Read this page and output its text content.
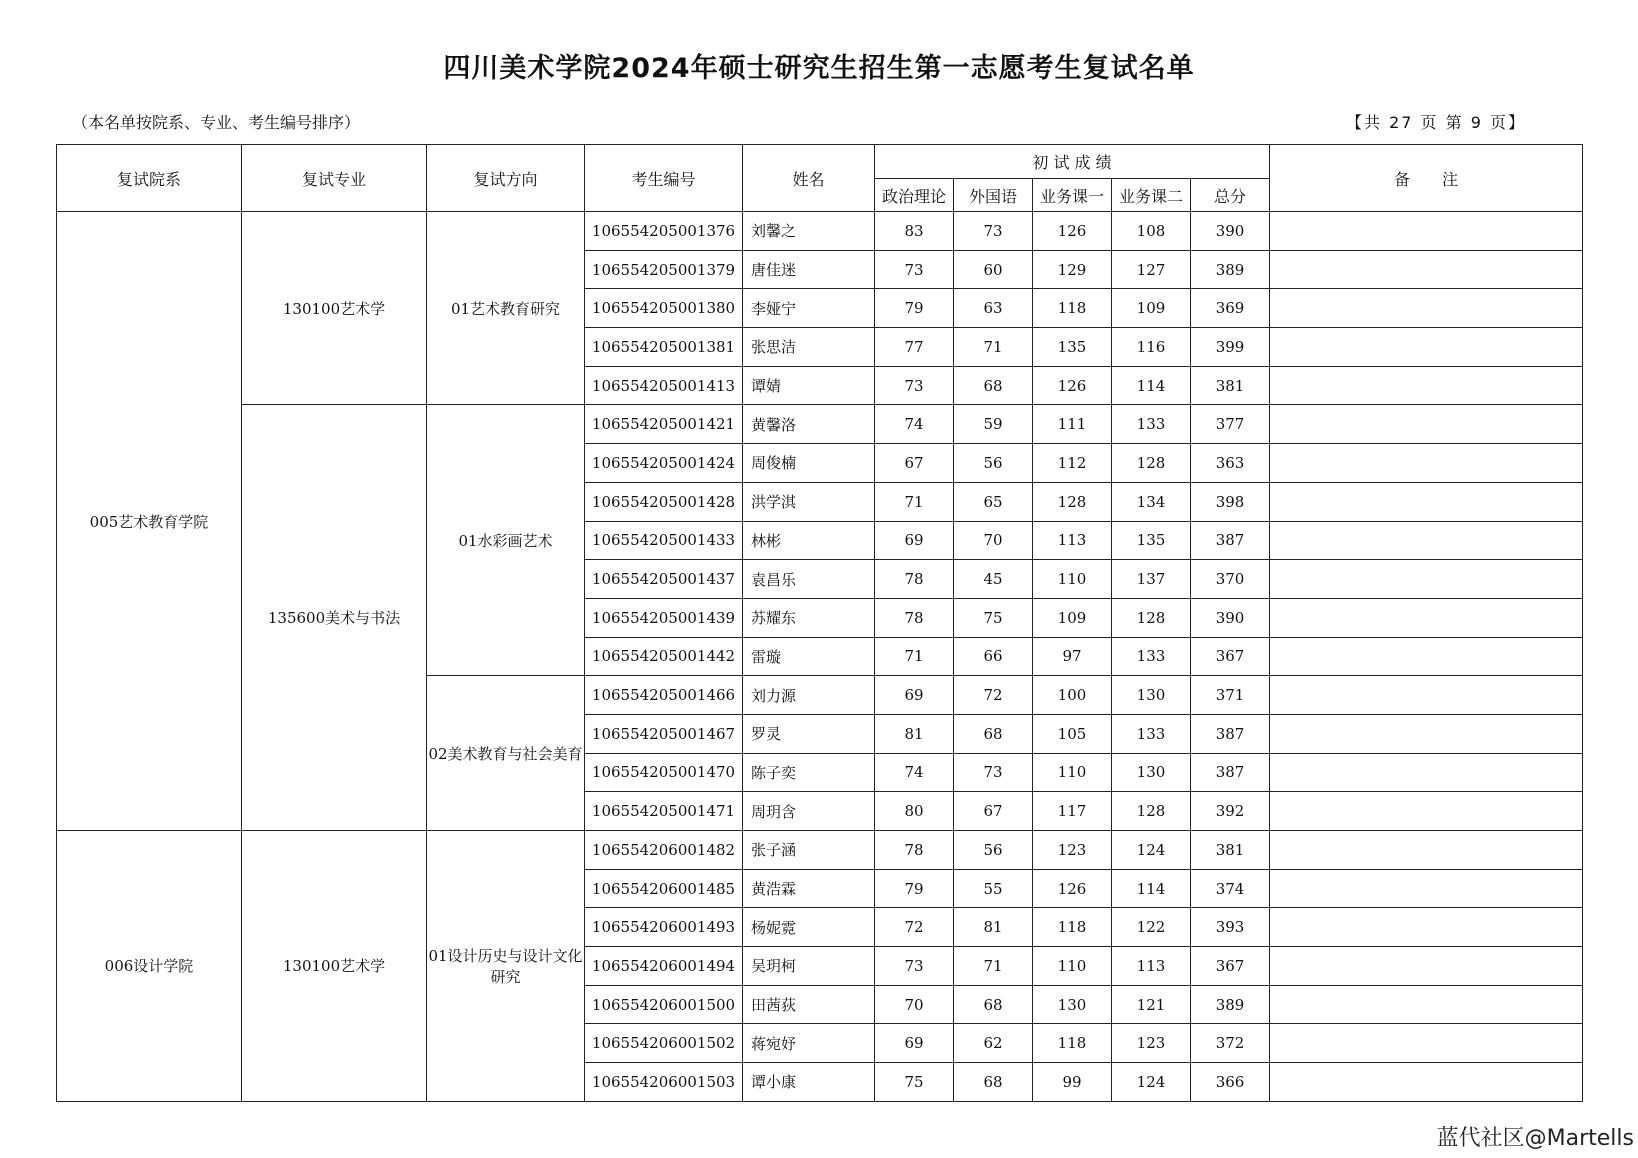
四川美术学院2024年硕士研究生招生第一志愿考生复试名单
（本名单按院系、专业、考生编号排序）	【共 27 页 第 9 页】
复试院系	复试专业	复试方向	考生编号	姓名	初 试 成 绩					备　　注
					政治理论	外国语	业务课一	业务课二	总分	
005艺术教育学院	130100艺术学	01艺术教育研究	106554205001376	刘馨之	83	73	126	108	390	
			106554205001379	唐佳迷	73	60	129	127	389	
			106554205001380	李娅宁	79	63	118	109	369	
			106554205001381	张思洁	77	71	135	116	399	
			106554205001413	谭婧	73	68	126	114	381	
	135600美术与书法	01水彩画艺术	106554205001421	黄馨洛	74	59	111	133	377	
			106554205001424	周俊楠	67	56	112	128	363	
			106554205001428	洪学淇	71	65	128	134	398	
			106554205001433	林彬	69	70	113	135	387	
			106554205001437	袁昌乐	78	45	110	137	370	
			106554205001439	苏耀东	78	75	109	128	390	
			106554205001442	雷璇	71	66	97	133	367	
		02美术教育与社会美育	106554205001466	刘力源	69	72	100	130	371	
			106554205001467	罗灵	81	68	105	133	387	
			106554205001470	陈子奕	74	73	110	130	387	
			106554205001471	周玥含	80	67	117	128	392	
006设计学院	130100艺术学	01设计历史与设计文化研究	106554206001482	张子涵	78	56	123	124	381	
			106554206001485	黄浩霖	79	55	126	114	374	
			106554206001493	杨妮霓	72	81	118	122	393	
			106554206001494	吴玥柯	73	71	110	113	367	
			106554206001500	田茜荻	70	68	130	121	389	
			106554206001502	蒋宛妤	69	62	118	123	372	
			106554206001503	谭小康	75	68	99	124	366	
蓝代社区@Martells
